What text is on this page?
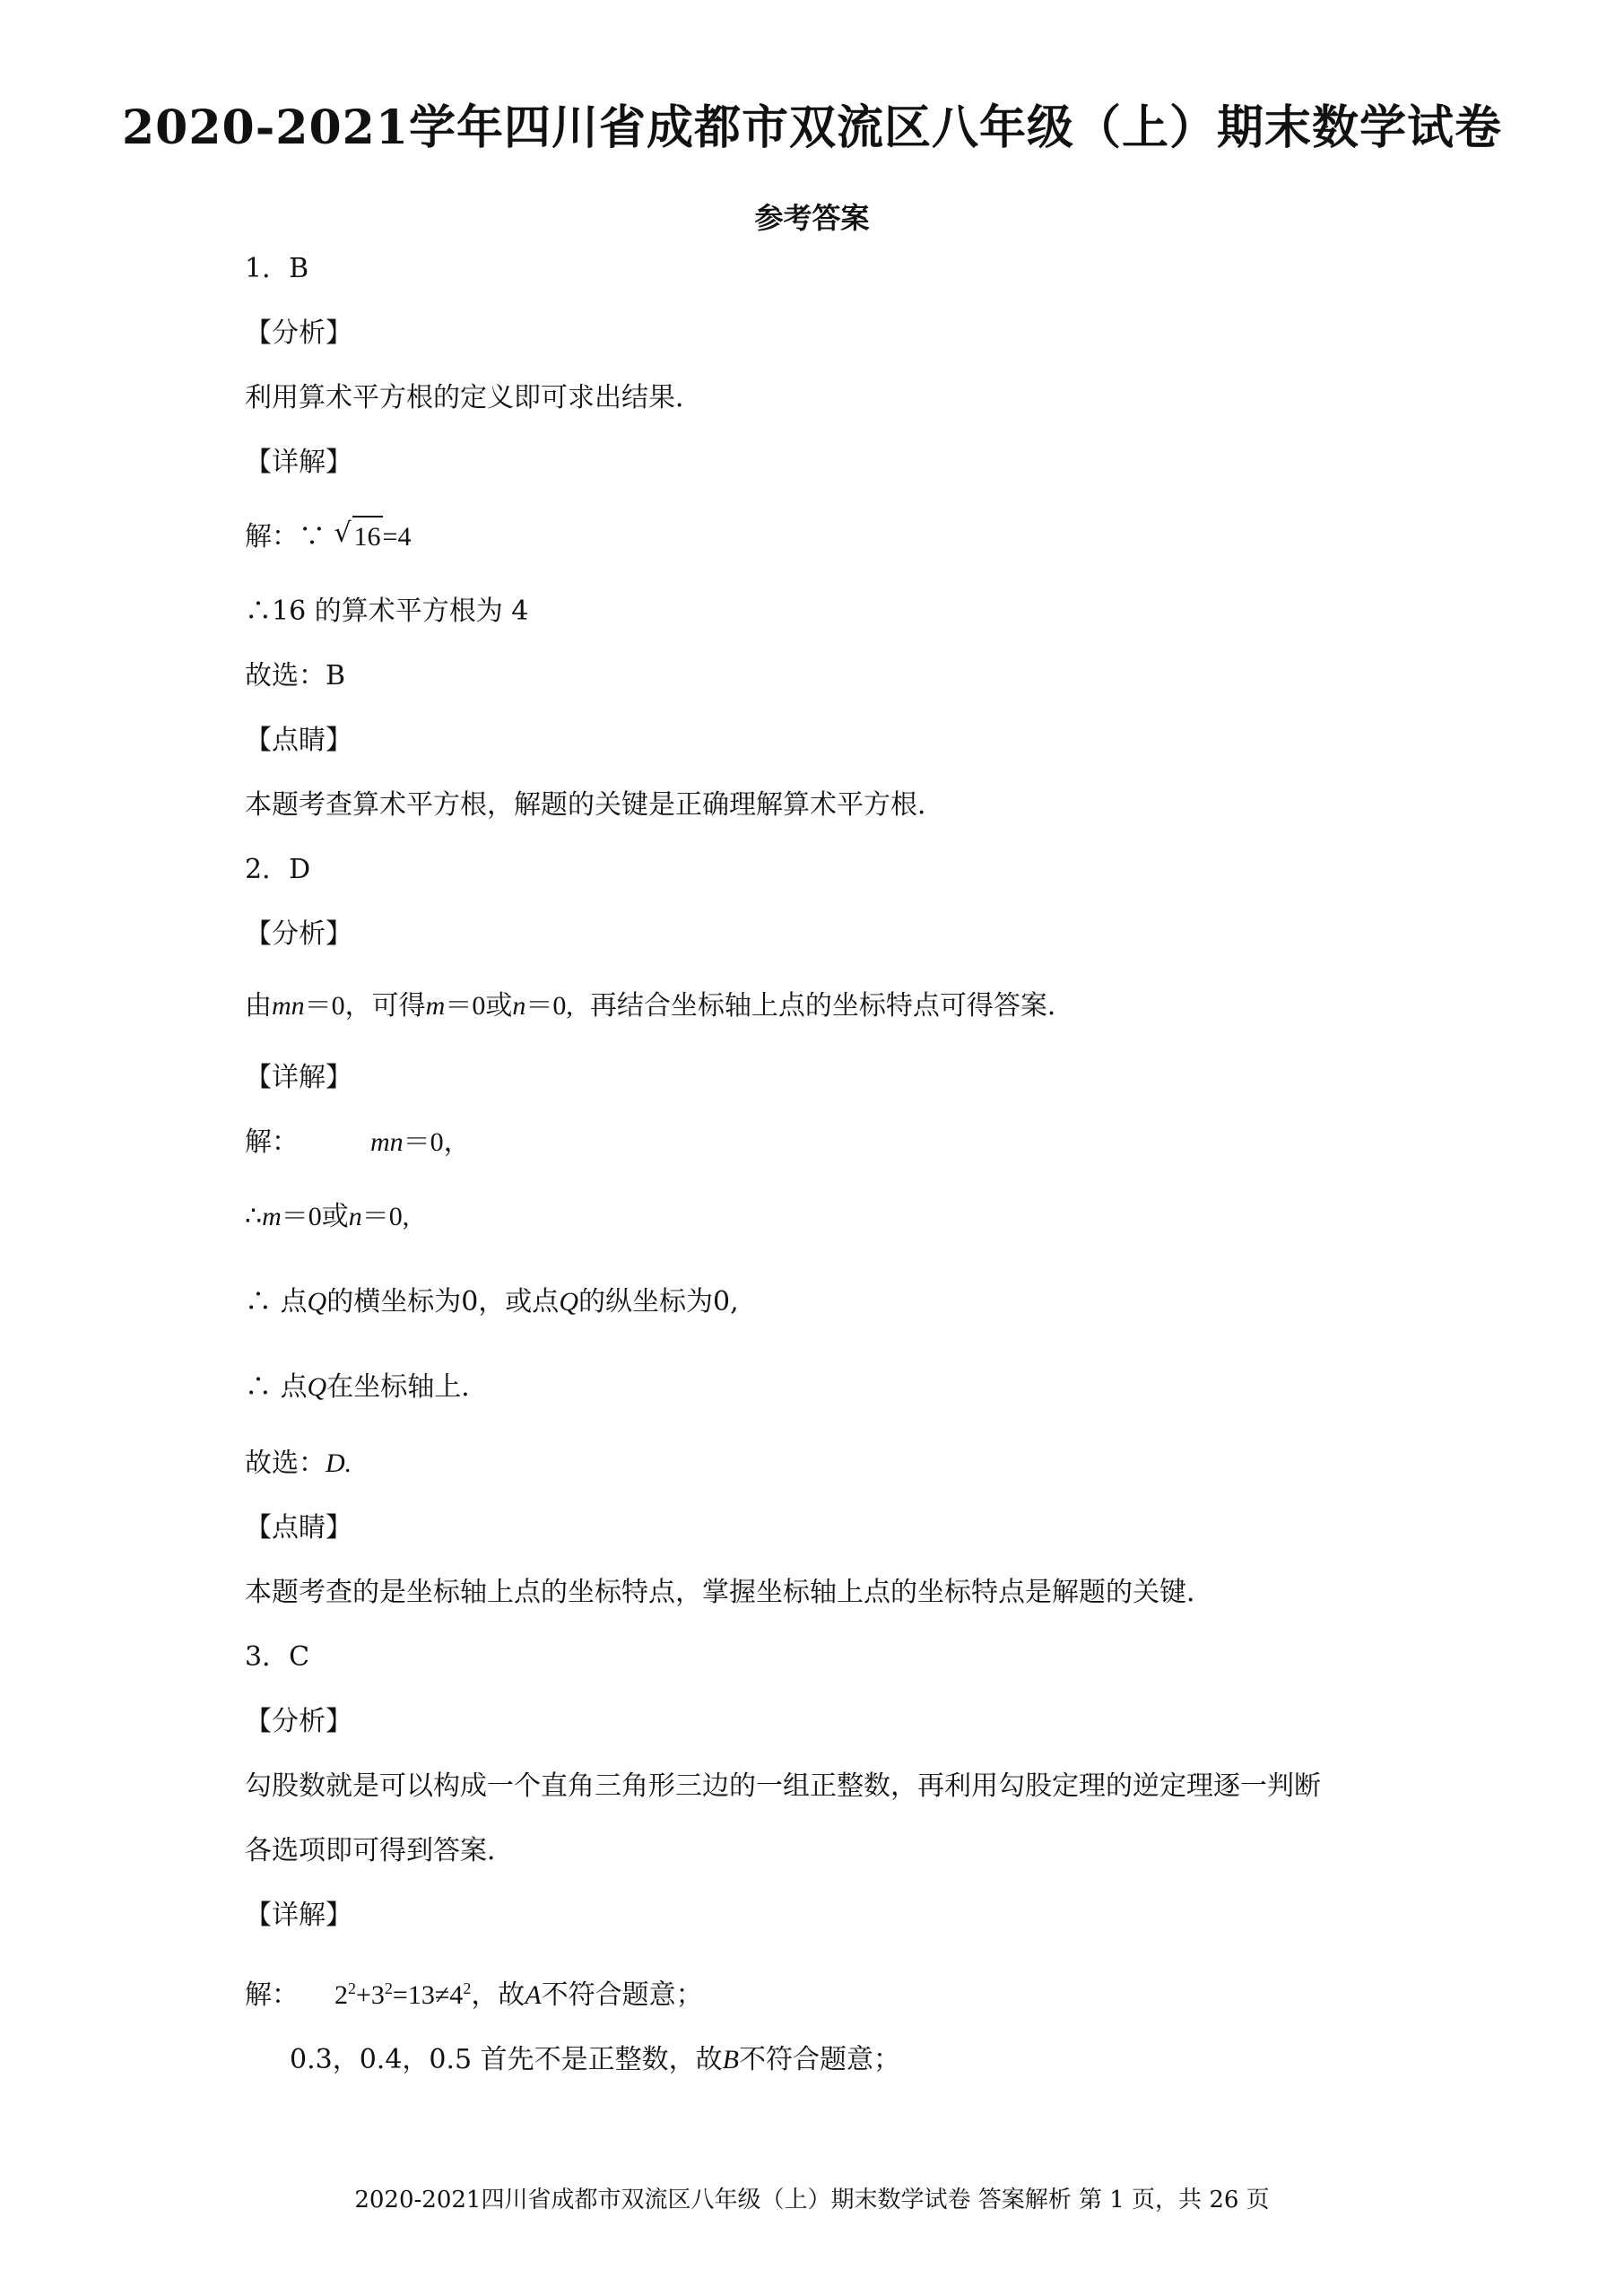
2020-2021学年四川省成都市双流区八年级（上）期末数学试卷
参考答案
1．B
【分析】
利用算术平方根的定义即可求出结果．
【详解】
解：∵ √ 16=4
∴16 的算术平方根为 4
故选：B
【点睛】
本题考查算术平方根，解题的关键是正确理解算术平方根．
2．D
【分析】
由mn＝0，可得m＝0或n＝0, 再结合坐标轴上点的坐标特点可得答案．
【详解】
解：	mn＝0，
∴m＝0或n＝0,
∴ 点Q的横坐标为0，或点Q的纵坐标为0,
∴ 点Q在坐标轴上．
故选：D.
【点睛】
本题考查的是坐标轴上点的坐标特点，掌握坐标轴上点的坐标特点是解题的关键．
3．C
【分析】
勾股数就是可以构成一个直角三角形三边的一组正整数，再利用勾股定理的逆定理逐一判断
各选项即可得到答案．
【详解】
解： $2^2+3^2=13\ne 4^2$，故A不符合题意；
0.3，0.4，0.5 首先不是正整数，故B不符合题意；
2020-2021四川省成都市双流区八年级（上）期末数学试卷 答案解析 第 1 页，共 26 页
